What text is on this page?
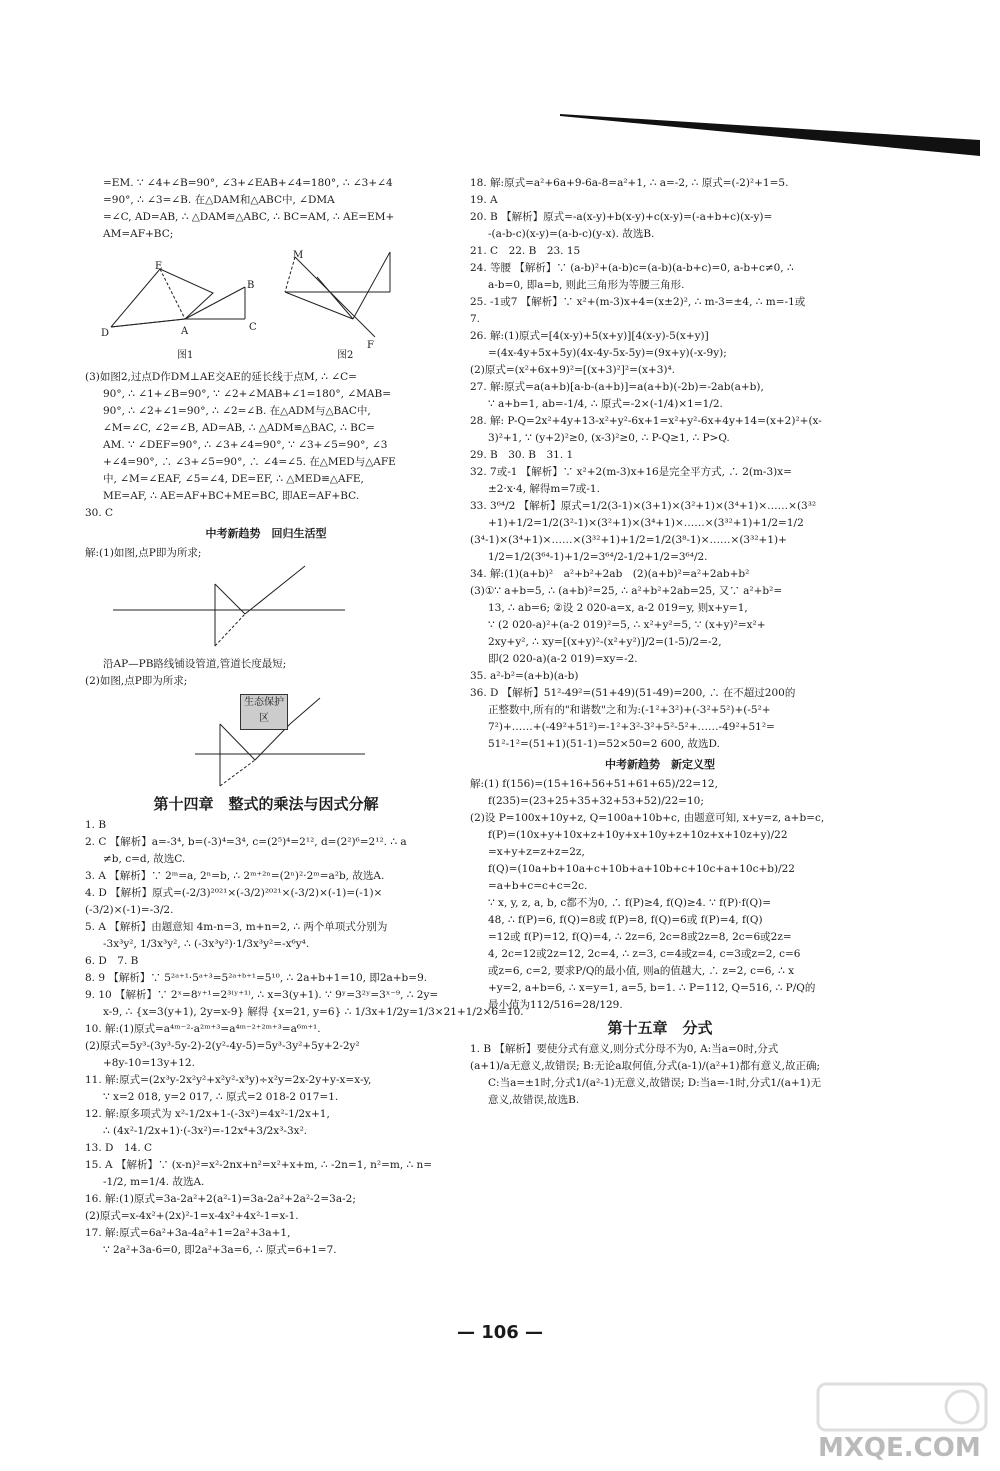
=EM. ∵ ∠4+∠B=90°, ∠3+∠EAB+∠4=180°, ∴ ∠3+∠4
=90°, ∴ ∠3=∠B. 在△DAM和△ABC中, ∠DMA
=∠C, AD=AB, ∴ △DAM≌△ABC, ∴ BC=AM, ∴ AE=EM+
AM=AF+BC;
M
E
B
D	A
F
C
图1	图2
(3)如图2,过点D作DM⊥AE交AE的延长线于点M, ∴ ∠C=
90°, ∴ ∠1+∠B=90°, ∵ ∠2+∠MAB+∠1=180°, ∠MAB=
90°, ∴ ∠2+∠1=90°, ∴ ∠2=∠B. 在△ADM与△BAC中,
∠M=∠C, ∠2=∠B, AD=AB, ∴ △ADM≌△BAC, ∴ BC=
AM. ∵ ∠DEF=90°, ∴ ∠3+∠4=90°, ∵ ∠3+∠5=90°, ∠3
+∠4=90°, ∴ ∠3+∠5=90°, ∴ ∠4=∠5. 在△MED与△AFE
中, ∠M=∠EAF, ∠5=∠4, DE=EF, ∴ △MED≌△AFE,
ME=AF, ∴ AE=AF+BC+ME=BC, 即AE=AF+BC.
30. C
中考新趋势　回归生活型
解:(1)如图,点P即为所求;
沿AP—PB路线铺设管道,管道长度最短;
(2)如图,点P即为所求;
生态保护区
第十四章　整式的乘法与因式分解
1. B
2. C 【解析】a=-3⁴, b=(-3)⁴=3⁴, c=(2⁵)⁴=2¹², d=(2²)⁶=2¹². ∴ a
≠b, c=d, 故选C.
3. A 【解析】∵ 2ᵐ=a, 2ⁿ=b, ∴ 2ᵐ⁺²ⁿ=(2ⁿ)²·2ᵐ=a²b, 故选A.
4. D 【解析】原式=(-2/3)²⁰²¹×(-3/2)²⁰²¹×(-3/2)×(-1)=(-1)×
(-3/2)×(-1)=-3/2.
5. A 【解析】由题意知 4m-n=3, m+n=2, ∴ 两个单项式分别为
-3x³y², 1/3x³y², ∴ (-3x³y²)·1/3x³y²=-x⁶y⁴.
6. D　7. B
8. 9 【解析】∵ 5²ᵃ⁺¹·5ᵃ⁺³=5²ᵃ⁺ᵇ⁺¹=5¹⁰, ∴ 2a+b+1=10, 即2a+b=9.
9. 10 【解析】∵ 2ˣ=8ʸ⁺¹=2³⁽ʸ⁺¹⁾, ∴ x=3(y+1). ∵ 9ʸ=3²ʸ=3ˣ⁻⁹, ∴ 2y=
x-9, ∴ {x=3(y+1), 2y=x-9} 解得 {x=21, y=6} ∴ 1/3x+1/2y=1/3×21+1/2×6=10.
10. 解:(1)原式=a⁴ᵐ⁻²·a²ᵐ⁺³=a⁴ᵐ⁻²⁺²ᵐ⁺³=a⁶ᵐ⁺¹.
(2)原式=5y³-(3y³-5y-2)-2(y²-4y-5)=5y³-3y²+5y+2-2y²
+8y-10=13y+12.
11. 解:原式=(2x³y-2x²y²+x²y²-x³y)÷x²y=2x-2y+y-x=x-y,
∵ x=2 018, y=2 017, ∴ 原式=2 018-2 017=1.
12. 解:原多项式为 x²-1/2x+1-(-3x²)=4x²-1/2x+1,
∴ (4x²-1/2x+1)·(-3x²)=-12x⁴+3/2x³-3x².
13. D　14. C
15. A 【解析】∵ (x-n)²=x²-2nx+n²=x²+x+m, ∴ -2n=1, n²=m, ∴ n=
-1/2, m=1/4. 故选A.
16. 解:(1)原式=3a-2a²+2(a²-1)=3a-2a²+2a²-2=3a-2;
(2)原式=x-4x²+(2x)²-1=x-4x²+4x²-1=x-1.
17. 解:原式=6a²+3a-4a²+1=2a²+3a+1,
∵ 2a²+3a-6=0, 即2a²+3a=6, ∴ 原式=6+1=7.
18. 解:原式=a²+6a+9-6a-8=a²+1, ∴ a=-2, ∴ 原式=(-2)²+1=5.
19. A
20. B 【解析】原式=-a(x-y)+b(x-y)+c(x-y)=(-a+b+c)(x-y)=
-(a-b-c)(x-y)=(a-b-c)(y-x). 故选B.
21. C　22. B　23. 15
24. 等腰 【解析】∵ (a-b)²+(a-b)c=(a-b)(a-b+c)=0, a-b+c≠0, ∴
a-b=0, 即a=b, 则此三角形为等腰三角形.
25. -1或7 【解析】∵ x²+(m-3)x+4=(x±2)², ∴ m-3=±4, ∴ m=-1或
7.
26. 解:(1)原式=[4(x-y)+5(x+y)][4(x-y)-5(x+y)]
=(4x-4y+5x+5y)(4x-4y-5x-5y)=(9x+y)(-x-9y);
(2)原式=(x²+6x+9)²=[(x+3)²]²=(x+3)⁴.
27. 解:原式=a(a+b)[a-b-(a+b)]=a(a+b)(-2b)=-2ab(a+b),
∵ a+b=1, ab=-1/4, ∴ 原式=-2×(-1/4)×1=1/2.
28. 解: P-Q=2x²+4y+13-x²+y²-6x+1=x²+y²-6x+4y+14=(x+2)²+(x-
3)²+1, ∵ (y+2)²≥0, (x-3)²≥0, ∴ P-Q≥1, ∴ P>Q.
29. B　30. B　31. 1
32. 7或-1 【解析】∵ x²+2(m-3)x+16是完全平方式, ∴ 2(m-3)x=
±2·x·4, 解得m=7或-1.
33. 3⁶⁴/2 【解析】原式=1/2(3-1)×(3+1)×(3²+1)×(3⁴+1)×……×(3³²
+1)+1/2=1/2(3²-1)×(3²+1)×(3⁴+1)×……×(3³²+1)+1/2=1/2
(3⁴-1)×(3⁴+1)×……×(3³²+1)+1/2=1/2(3⁸-1)×……×(3³²+1)+
1/2=1/2(3⁶⁴-1)+1/2=3⁶⁴/2-1/2+1/2=3⁶⁴/2.
34. 解:(1)(a+b)²　a²+b²+2ab　(2)(a+b)²=a²+2ab+b²
(3)①∵ a+b=5, ∴ (a+b)²=25, ∴ a²+b²+2ab=25, 又∵ a²+b²=
13, ∴ ab=6; ②设 2 020-a=x, a-2 019=y, 则x+y=1,
∵ (2 020-a)²+(a-2 019)²=5, ∴ x²+y²=5, ∵ (x+y)²=x²+
2xy+y², ∴ xy=[(x+y)²-(x²+y²)]/2=(1-5)/2=-2,
即(2 020-a)(a-2 019)=xy=-2.
35. a²-b²=(a+b)(a-b)
36. D 【解析】51²-49²=(51+49)(51-49)=200, ∴ 在不超过200的
正整数中,所有的"和谐数"之和为:(-1²+3²)+(-3²+5²)+(-5²+
7²)+……+(-49²+51²)=-1²+3²-3²+5²-5²+……-49²+51²=
51²-1²=(51+1)(51-1)=52×50=2 600, 故选D.
中考新趋势　新定义型
解:(1) f(156)=(15+16+56+51+61+65)/22=12,
f(235)=(23+25+35+32+53+52)/22=10;
(2)设 P=100x+10y+z, Q=100a+10b+c, 由题意可知, x+y=z, a+b=c,
f(P)=(10x+y+10x+z+10y+x+10y+z+10z+x+10z+y)/22
=x+y+z=z+z=2z,
f(Q)=(10a+b+10a+c+10b+a+10b+c+10c+a+10c+b)/22
=a+b+c=c+c=2c.
∵ x, y, z, a, b, c都不为0, ∴ f(P)≥4, f(Q)≥4. ∵ f(P)·f(Q)=
48, ∴ f(P)=6, f(Q)=8或 f(P)=8, f(Q)=6或 f(P)=4, f(Q)
=12或 f(P)=12, f(Q)=4, ∴ 2z=6, 2c=8或2z=8, 2c=6或2z=
4, 2c=12或2z=12, 2c=4, ∴ z=3, c=4或z=4, c=3或z=2, c=6
或z=6, c=2, 要求P/Q的最小值, 则a的值越大, ∴ z=2, c=6, ∴ x
+y=2, a+b=6, ∴ x=y=1, a=5, b=1. ∴ P=112, Q=516, ∴ P/Q的
最小值为112/516=28/129.
第十五章　分式
1. B 【解析】要使分式有意义,则分式分母不为0, A:当a=0时,分式
(a+1)/a无意义,故错误; B:无论a取何值,分式(a-1)/(a²+1)都有意义,故正确;
C:当a=±1时,分式1/(a²-1)无意义,故错误; D:当a=-1时,分式1/(a+1)无
意义,故错误,故选B.
— 106 —
MXQE.COM
